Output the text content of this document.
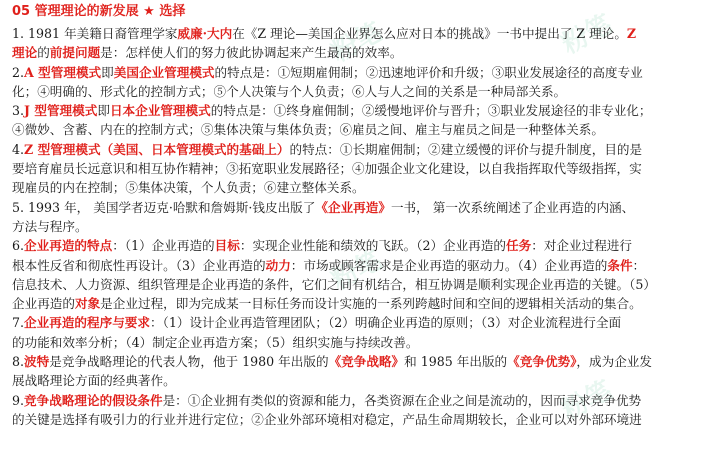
粉笔	粉笔
粉笔
粉笔
05 管理理论的新发展 ★ 选择
1. 1981 年美籍日裔管理学家威廉·大内在《Z 理论—美国企业界怎么应对日本的挑战》一书中提出了 Z 理论。Z
理论的前提问题是：怎样使人们的努力彼此协调起来产生最高的效率。
2.A 型管理模式即美国企业管理模式的特点是：①短期雇佣制；②迅速地评价和升级；③职业发展途径的高度专业
化；④明确的、形式化的控制方式；⑤个人决策与个人负责；⑥人与人之间的关系是一种局部关系。
3.J 型管理模式即日本企业管理模式的特点是：①终身雇佣制；②缓慢地评价与晋升；③职业发展途径的非专业化；
④微妙、含蓄、内在的控制方式；⑤集体决策与集体负责；⑥雇员之间、雇主与雇员之间是一种整体关系。
4.Z 型管理模式（美国、日本管理模式的基础上）的特点：①长期雇佣制；②建立缓慢的评价与提升制度，目的是
要培育雇员长远意识和相互协作精神；③拓宽职业发展路径；④加强企业文化建设，以自我指挥取代等级指挥，实
现雇员的内在控制；⑤集体决策，个人负责；⑥建立整体关系。
5. 1993 年， 美国学者迈克·哈默和詹姆斯·钱皮出版了《企业再造》一书， 第一次系统阐述了企业再造的内涵、
方法与程序。
6.企业再造的特点：（1）企业再造的目标：实现企业性能和绩效的飞跃。（2）企业再造的任务：对企业过程进行
根本性反省和彻底性再设计。（3）企业再造的动力：市场或顾客需求是企业再造的驱动力。（4）企业再造的条件：
信息技术、人力资源、组织管理是企业再造的条件，它们之间有机结合，相互协调是顺利实现企业再造的关键。（5）
企业再造的对象是企业过程，即为完成某一目标任务而设计实施的一系列跨越时间和空间的逻辑相关活动的集合。
7.企业再造的程序与要求：（1）设计企业再造管理团队；（2）明确企业再造的原则；（3）对企业流程进行全面
的功能和效率分析；（4）制定企业再造方案；（5）组织实施与持续改善。
8.波特是竞争战略理论的代表人物，他于 1980 年出版的《竞争战略》和 1985 年出版的《竞争优势》，成为企业发
展战略理论方面的经典著作。
9.竞争战略理论的假设条件是：①企业拥有类似的资源和能力，各类资源在企业之间是流动的，因而寻求竞争优势
的关键是选择有吸引力的行业并进行定位；②企业外部环境相对稳定，产品生命周期较长，企业可以对外部环境进
